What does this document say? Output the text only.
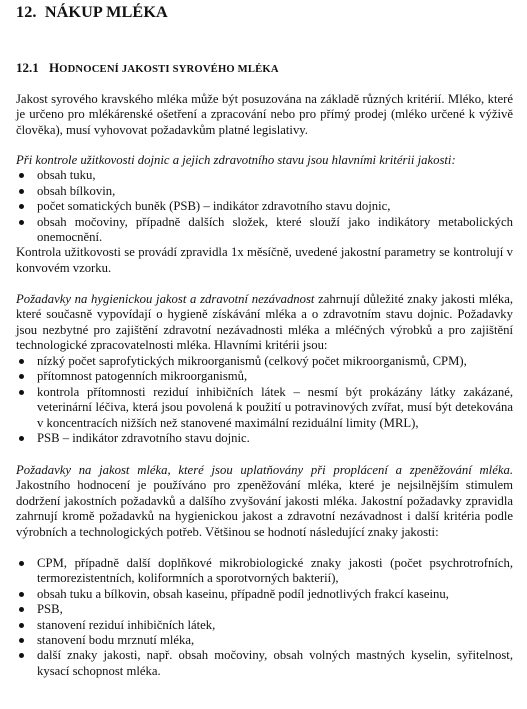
12. NÁKUP MLÉKA
12.1 HODNOCENÍ JAKOSTI SYROVÉHO MLÉKA

Jakost syrového kravského mléka může být posuzována na základě různých kritérií. Mléko, které je určeno pro mlékárenské ošetření a zpracování nebo pro přímý prodej (mléko určené k výživě člověka), musí vyhovovat požadavkům platné legislativy.

Při kontrole užitkovosti dojnic a jejich zdravotního stavu jsou hlavními kritérii jakosti:

obsah tuku,
obsah bílkovin,
počet somatických buněk (PSB) – indikátor zdravotního stavu dojnic,
obsah močoviny, případně dalších složek, které slouží jako indikátory metabolických onemocnění.

Kontrola užitkovosti se provádí zpravidla 1x měsíčně, uvedené jakostní parametry se kontrolují v konvovém vzorku.

Požadavky na hygienickou jakost a zdravotní nezávadnost zahrnují důležité znaky jakosti mléka, které současně vypovídají o hygieně získávání mléka a o zdravotním stavu dojnic. Požadavky jsou nezbytné pro zajištění zdravotní nezávadnosti mléka a mléčných výrobků a pro zajištění technologické zpracovatelnosti mléka. Hlavními kritérii jsou:

nízký počet saprofytických mikroorganismů (celkový počet mikroorganismů, CPM),
přítomnost patogenních mikroorganismů,
kontrola přítomnosti reziduí inhibičních látek – nesmí být prokázány látky zakázané, veterinární léčiva, která jsou povolená k použití u potravinových zvířat, musí být detekována v koncentracích nižších než stanovené maximální reziduální limity (MRL),
PSB – indikátor zdravotního stavu dojnic.

Požadavky na jakost mléka, které jsou uplatňovány při proplácení a zpeněžování mléka. Jakostního hodnocení je používáno pro zpeněžování mléka, které je nejsilnějším stimulem dodržení jakostních požadavků a dalšího zvyšování jakosti mléka. Jakostní požadavky zpravidla zahrnují kromě požadavků na hygienickou jakost a zdravotní nezávadnost i další kritéria podle výrobních a technologických potřeb. Většinou se hodnotí následující znaky jakosti:

CPM, případně další doplňkové mikrobiologické znaky jakosti (počet psychrotrofních, termorezistentních, koliformních a sporotvorných bakterií),
obsah tuku a bílkovin, obsah kaseinu, případně podíl jednotlivých frakcí kaseinu,
PSB,
stanovení reziduí inhibičních látek,
stanovení bodu mrznutí mléka,
další znaky jakosti, např. obsah močoviny, obsah volných mastných kyselin, syřitelnost, kysací schopnost mléka.
